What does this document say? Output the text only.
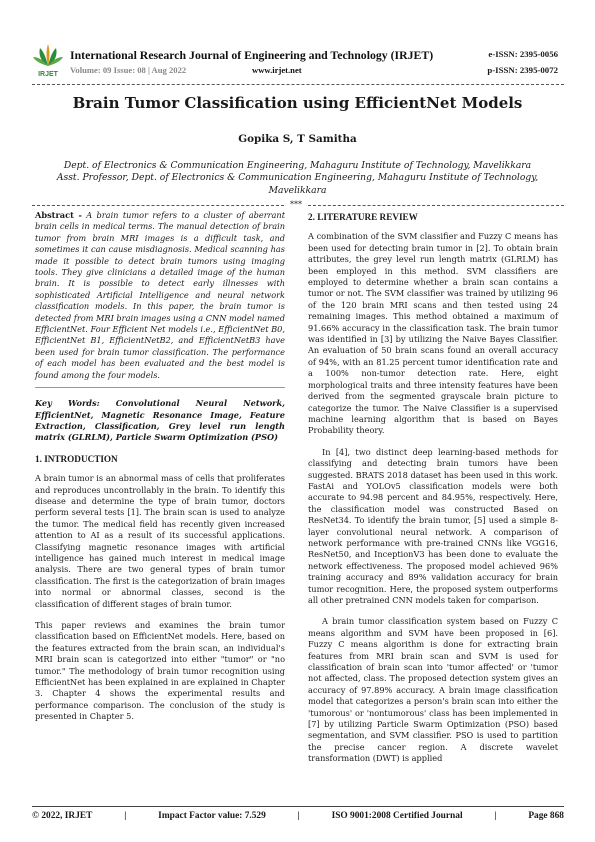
IRJET
International Research Journal of Engineering and Technology (IRJET)
Volume: 09 Issue: 08 | Aug 2022	www.irjet.net
e-ISSN: 2395-0056
p-ISSN: 2395-0072
Brain Tumor Classification using EfficientNet Models
Gopika S, T Samitha
Dept. of Electronics & Communication Engineering, Mahaguru Institute of Technology, Mavelikkara
Asst. Professor, Dept. of Electronics & Communication Engineering, Mahaguru Institute of Technology,
Mavelikkara
***

Abstract - A brain tumor refers to a cluster of aberrant brain cells in medical terms. The manual detection of brain tumor from brain MRI images is a difficult task, and sometimes it can cause misdiagnosis. Medical scanning has made it possible to detect brain tumors using imaging tools. They give clinicians a detailed image of the human brain. It is possible to detect early illnesses with sophisticated Artificial Intelligence and neural network classification models. In this paper, the brain tumor is detected from MRI brain images using a CNN model named EfficientNet. Four Efficient Net models i.e., EfficientNet B0, EfficientNet B1, EfficientNetB2, and EfficientNetB3 have been used for brain tumor classification. The performance of each model has been evaluated and the best model is found among the four models.

Key Words: Convolutional Neural Network, EfficientNet, Magnetic Resonance Image, Feature Extraction, Classification, Grey level run length matrix (GLRLM), Particle Swarm Optimization (PSO)

1. INTRODUCTION

A brain tumor is an abnormal mass of cells that proliferates and reproduces uncontrollably in the brain. To identify this disease and determine the type of brain tumor, doctors perform several tests [1]. The brain scan is used to analyze the tumor. The medical field has recently given increased attention to AI as a result of its successful applications. Classifying magnetic resonance images with artificial intelligence has gained much interest in medical image analysis. There are two general types of brain tumor classification. The first is the categorization of brain images into normal or abnormal classes, second is the classification of different stages of brain tumor.

This paper reviews and examines the brain tumor classification based on EfficientNet models. Here, based on the features extracted from the brain scan, an individual's MRI brain scan is categorized into either "tumor" or "no tumor." The methodology of brain tumor recognition using EfficientNet has been explained in are explained in Chapter 3. Chapter 4 shows the experimental results and performance comparison. The conclusion of the study is presented in Chapter 5.

2. LITERATURE REVIEW

A combination of the SVM classifier and Fuzzy C means has been used for detecting brain tumor in [2]. To obtain brain attributes, the grey level run length matrix (GLRLM) has been employed in this method. SVM classifiers are employed to determine whether a brain scan contains a tumor or not. The SVM classifier was trained by utilizing 96 of the 120 brain MRI scans and then tested using 24 remaining images. This method obtained a maximum of 91.66% accuracy in the classification task. The brain tumor was identified in [3] by utilizing the Naive Bayes Classifier. An evaluation of 50 brain scans found an overall accuracy of 94%, with an 81.25 percent tumor identification rate and a 100% non-tumor detection rate. Here, eight morphological traits and three intensity features have been derived from the segmented grayscale brain picture to categorize the tumor. The Naive Classifier is a supervised machine learning algorithm that is based on Bayes Probability theory.

In [4], two distinct deep learning-based methods for classifying and detecting brain tumors have been suggested. BRATS 2018 dataset has been used in this work. FastAi and YOLOv5 classification models were both accurate to 94.98 percent and 84.95%, respectively. Here, the classification model was constructed Based on ResNet34. To identify the brain tumor, [5] used a simple 8-layer convolutional neural network. A comparison of network performance with pre-trained CNNs like VGG16, ResNet50, and InceptionV3 has been done to evaluate the network effectiveness. The proposed model achieved 96% training accuracy and 89% validation accuracy for brain tumor recognition. Here, the proposed system outperforms all other pretrained CNN models taken for comparison.

A brain tumor classification system based on Fuzzy C means algorithm and SVM have been proposed in [6]. Fuzzy C means algorithm is done for extracting brain features from MRI brain scan and SVM is used for classification of brain scan into 'tumor affected' or 'tumor not affected, class. The proposed detection system gives an accuracy of 97.89% accuracy. A brain image classification model that categorizes a person's brain scan into either the 'tumorous' or 'nontumorous' class has been implemented in [7] by utilizing Particle Swarm Optimization (PSO) based segmentation, and SVM classifier. PSO is used to partition the precise cancer region. A discrete wavelet transformation (DWT) is applied

© 2022, IRJET	|	Impact Factor value: 7.529	|	ISO 9001:2008 Certified Journal	|	Page 868
